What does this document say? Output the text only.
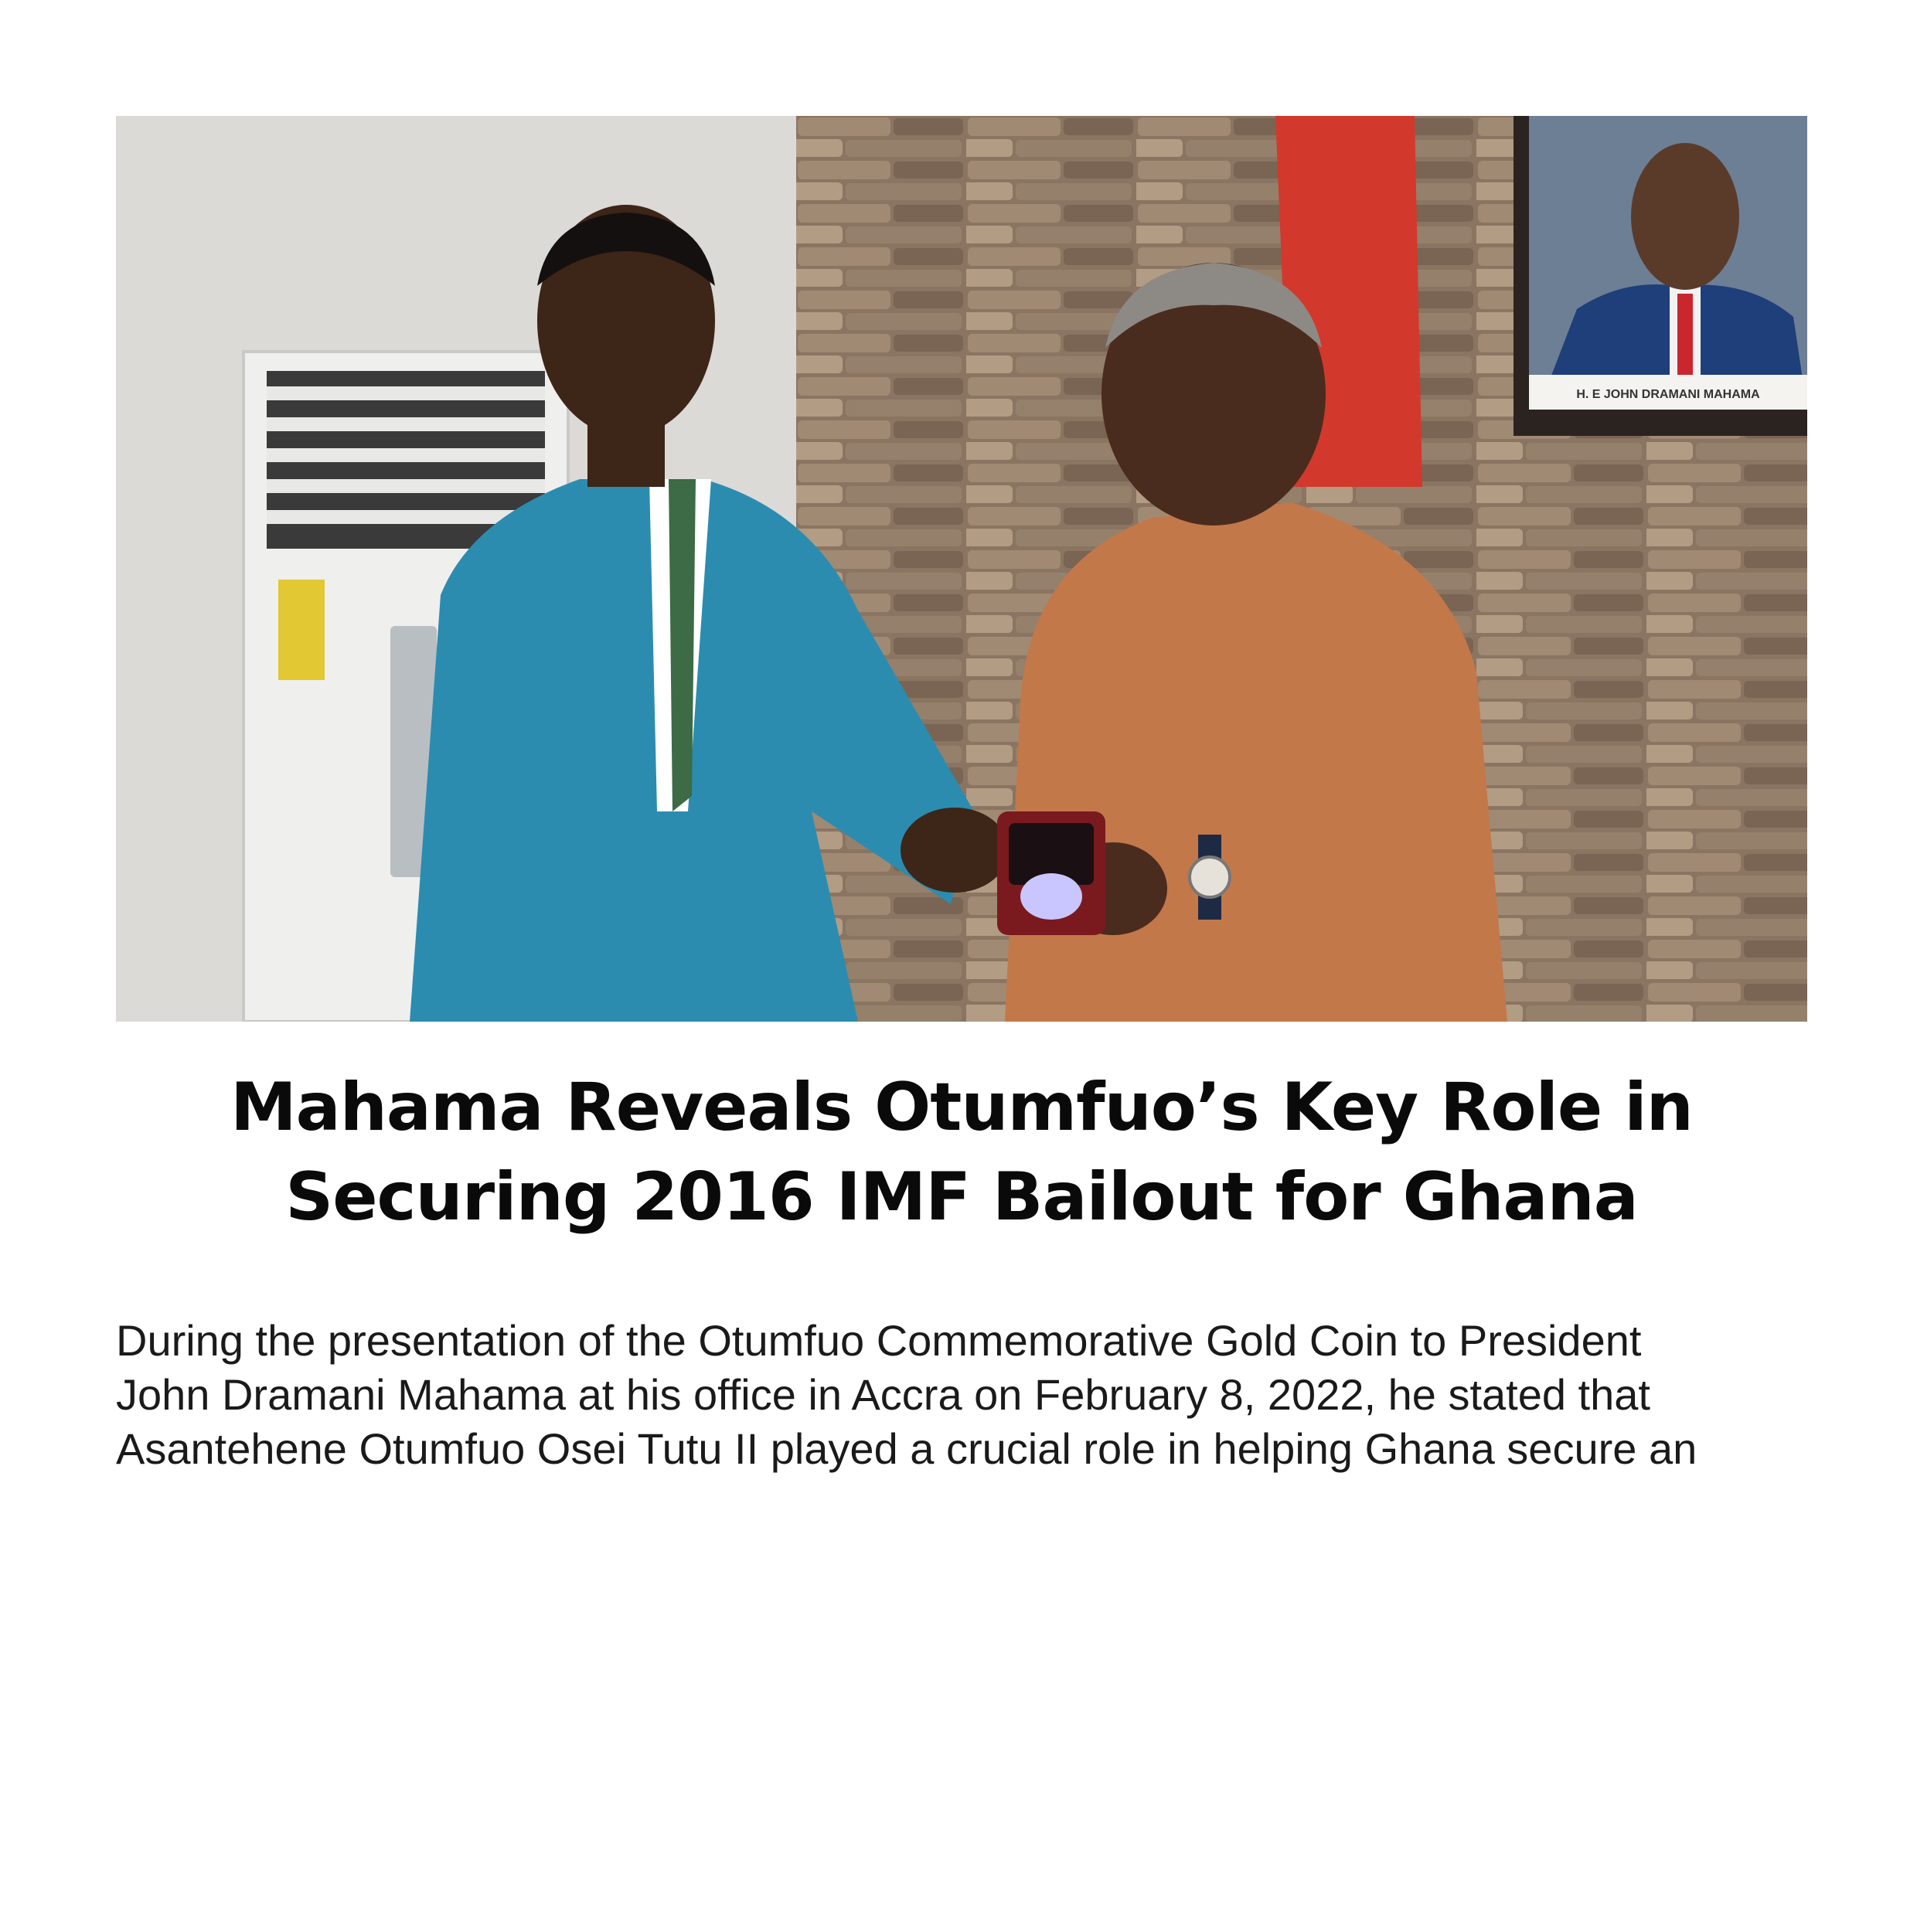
H. E JOHN DRAMANI MAHAMA
Mahama Reveals Otumfuo’s Key Role in
Securing 2016 IMF Bailout for Ghana

During the presentation of the Otumfuo Commemorative Gold Coin to President
John Dramani Mahama at his office in Accra on February 8, 2022, he stated that
Asantehene Otumfuo Osei Tutu II played a crucial role in helping Ghana secure an
